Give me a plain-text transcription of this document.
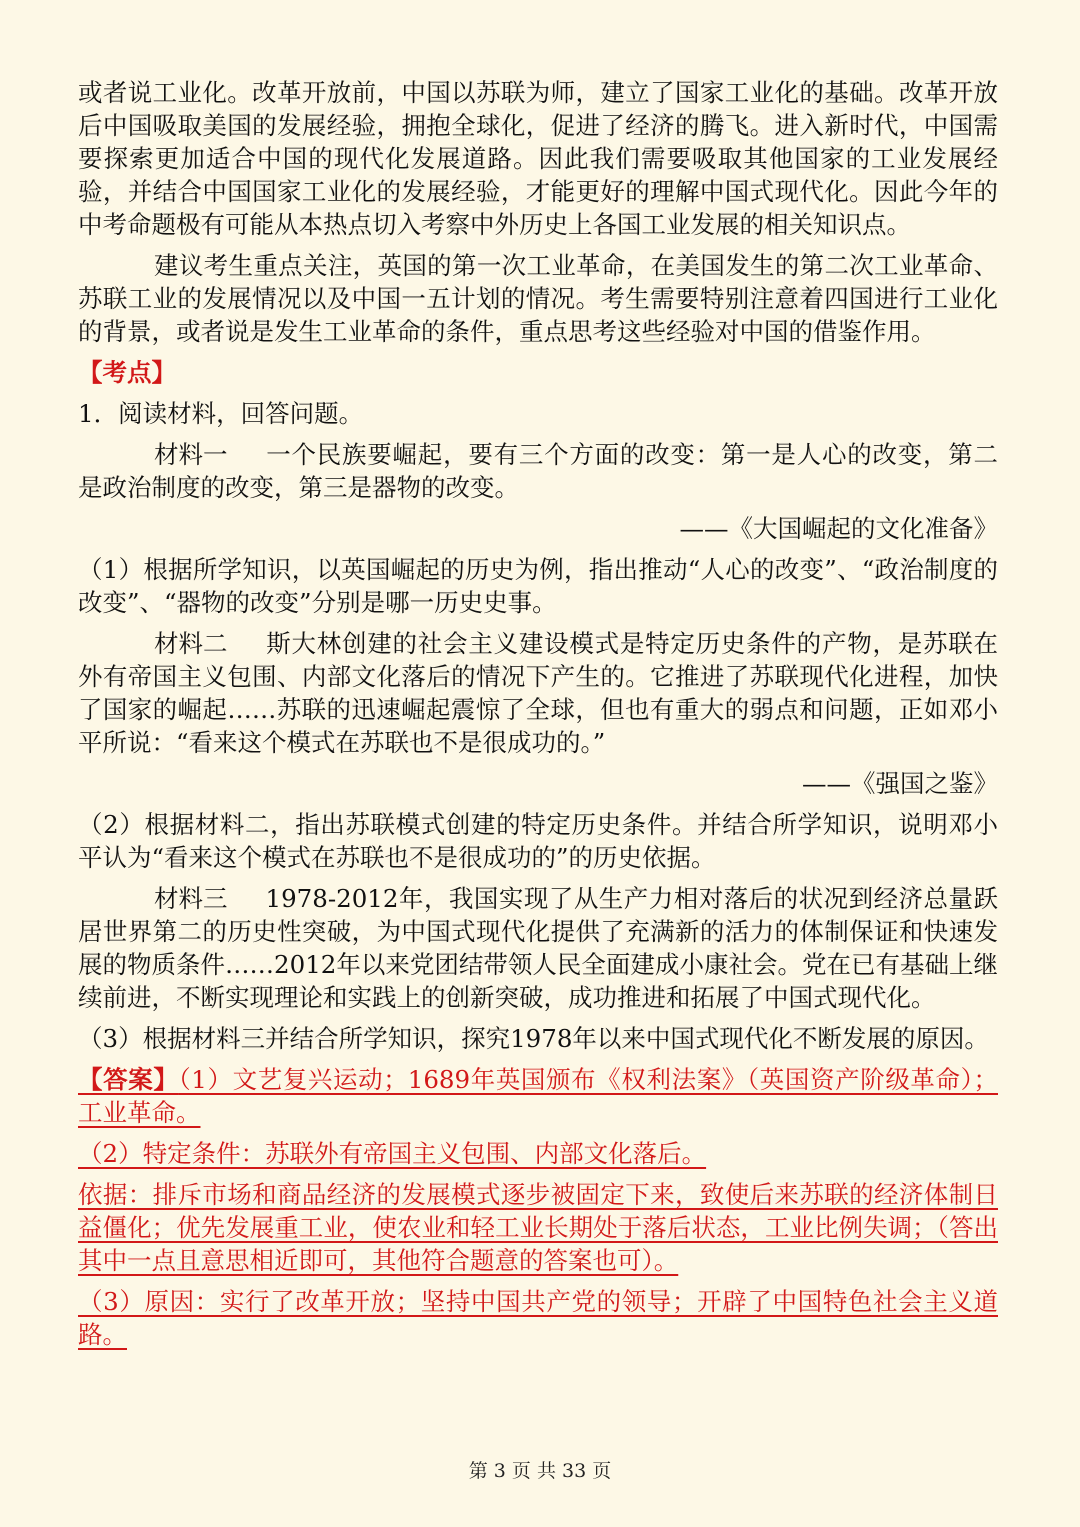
或者说工业化。改革开放前，中国以苏联为师，建立了国家工业化的基础。改革开放后中国吸取美国的发展经验，拥抱全球化，促进了经济的腾飞。进入新时代，中国需要探索更加适合中国的现代化发展道路。因此我们需要吸取其他国家的工业发展经验，并结合中国国家工业化的发展经验，才能更好的理解中国式现代化。因此今年的中考命题极有可能从本热点切入考察中外历史上各国工业发展的相关知识点。

建议考生重点关注，英国的第一次工业革命，在美国发生的第二次工业革命、苏联工业的发展情况以及中国一五计划的情况。考生需要特别注意着四国进行工业化的背景，或者说是发生工业革命的条件，重点思考这些经验对中国的借鉴作用。

【考点】

1．阅读材料，回答问题。

材料一 一个民族要崛起，要有三个方面的改变：第一是人心的改变，第二是政治制度的改变，第三是器物的改变。

——《大国崛起的文化准备》

（1）根据所学知识，以英国崛起的历史为例，指出推动“人心的改变”、“政治制度的改变”、“器物的改变”分别是哪一历史史事。

材料二 斯大林创建的社会主义建设模式是特定历史条件的产物，是苏联在外有帝国主义包围、内部文化落后的情况下产生的。它推进了苏联现代化进程，加快了国家的崛起……苏联的迅速崛起震惊了全球，但也有重大的弱点和问题，正如邓小平所说：“看来这个模式在苏联也不是很成功的。”

——《强国之鉴》

（2）根据材料二，指出苏联模式创建的特定历史条件。并结合所学知识，说明邓小平认为“看来这个模式在苏联也不是很成功的”的历史依据。

材料三 1978-2012年，我国实现了从生产力相对落后的状况到经济总量跃居世界第二的历史性突破，为中国式现代化提供了充满新的活力的体制保证和快速发展的物质条件……2012年以来党团结带领人民全面建成小康社会。党在已有基础上继续前进，不断实现理论和实践上的创新突破，成功推进和拓展了中国式现代化。

（3）根据材料三并结合所学知识，探究1978年以来中国式现代化不断发展的原因。

【答案】（1）文艺复兴运动；1689年英国颁布《权利法案》（英国资产阶级革命）；工业革命。

（2）特定条件：苏联外有帝国主义包围、内部文化落后。

依据：排斥市场和商品经济的发展模式逐步被固定下来，致使后来苏联的经济体制日益僵化；优先发展重工业，使农业和轻工业长期处于落后状态，工业比例失调；（答出其中一点且意思相近即可，其他符合题意的答案也可）。

（3）原因：实行了改革开放；坚持中国共产党的领导；开辟了中国特色社会主义道路。

第 3 页 共 33 页
